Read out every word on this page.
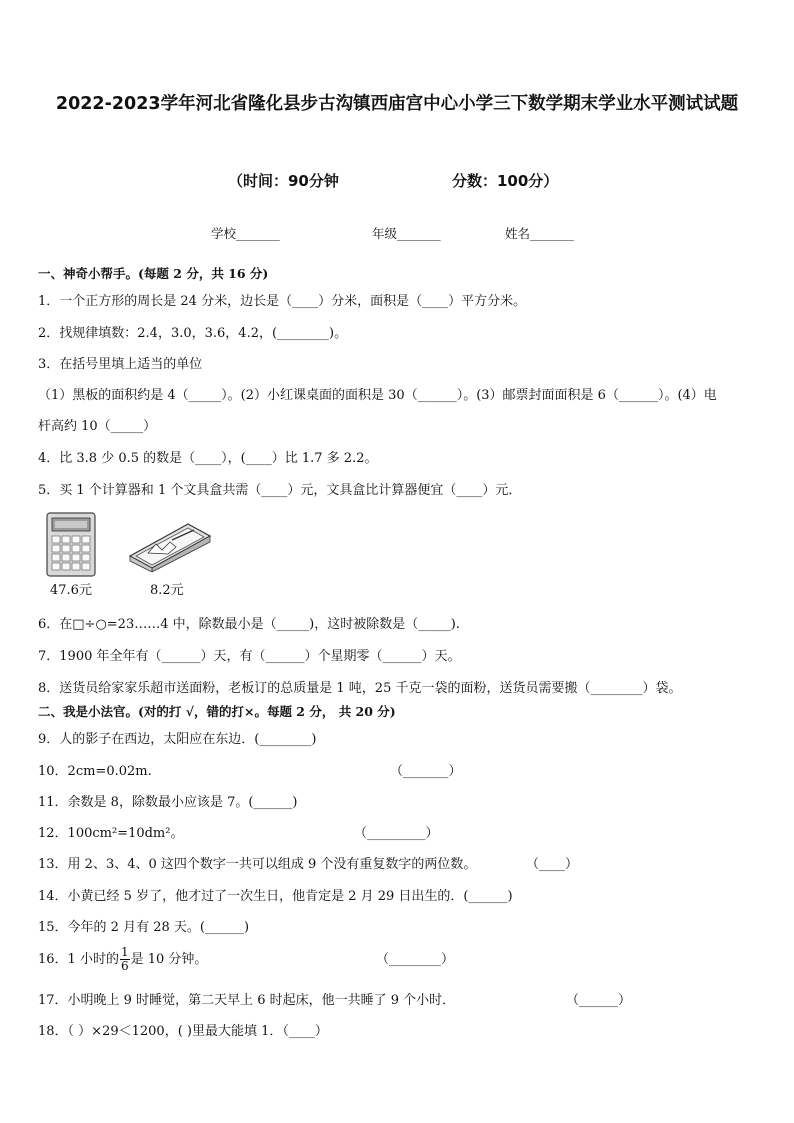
2022-2023学年河北省隆化县步古沟镇西庙宫中心小学三下数学期末学业水平测试试题
（时间：90分钟	分数：100分）
学校_______	年级_______	姓名_______
一、神奇小帮手。(每题 2 分，共 16 分)
1．一个正方形的周长是 24 分米，边长是（____）分米，面积是（____）平方分米。
2．找规律填数：2.4，3.0，3.6，4.2，(________)。
3．在括号里填上适当的单位
（1）黑板的面积约是 4（_____）。(2）小红课桌面的面积是 30（______）。(3）邮票封面面积是 6（______）。(4）电
杆高约 10（_____）
4．比 3.8 少 0.5 的数是（____），(____）比 1.7 多 2.2。
5．买 1 个计算器和 1 个文具盒共需（____）元，文具盒比计算器便宜（____）元．
47.6元	8.2元
6．在□÷○=23……4 中，除数最小是（_____)，这时被除数是（_____).
7．1900 年全年有（______）天，有（______）个星期零（______）天。
8．送货员给家家乐超市送面粉，老板订的总质量是 1 吨，25 千克一袋的面粉，送货员需要搬（________）袋。
二、我是小法官。(对的打 √，错的打×。每题 2 分， 共 20 分)
9．人的影子在西边，太阳应在东边．(________)
10．2cm=0.02m.	（_______）
11．余数是 8，除数最小应该是 7。(______)
12．100cm²=10dm²。	（_________）
13．用 2、3、4、0 这四个数字一共可以组成 9 个没有重复数字的两位数。	（____）
14．小黄已经 5 岁了，他才过了一次生日，他肯定是 2 月 29 日出生的．(______)
15．今年的 2 月有 28 天。(______)
16．1 小时的 $\frac{1}{6}$ 是 10 分钟。	（________）
17．小明晚上 9 时睡觉，第二天早上 6 时起床，他一共睡了 9 个小时．	（______）
18．（ ）×29＜1200，( )里最大能填 1．（____）
